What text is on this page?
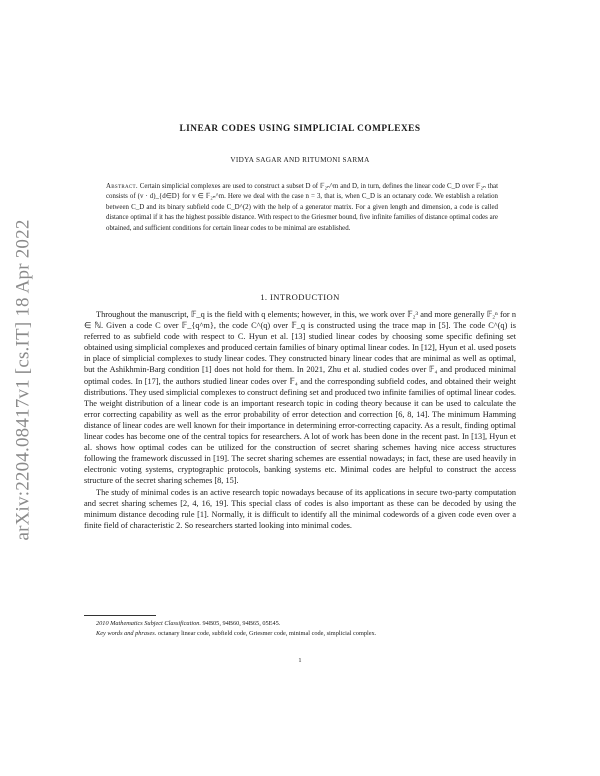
arXiv:2204.08417v1 [cs.IT] 18 Apr 2022
LINEAR CODES USING SIMPLICIAL COMPLEXES
VIDYA SAGAR AND RITUMONI SARMA
Abstract. Certain simplicial complexes are used to construct a subset D of 𝔽₂ₙ^m and D, in turn, defines the linear code C_D over 𝔽₂ₙ that consists of (v · d)_{d∈D} for v ∈ 𝔽₂ₙ^m. Here we deal with the case n = 3, that is, when C_D is an octanary code. We establish a relation between C_D and its binary subfield code C_D^(2) with the help of a generator matrix. For a given length and dimension, a code is called distance optimal if it has the highest possible distance. With respect to the Griesmer bound, five infinite families of distance optimal codes are obtained, and sufficient conditions for certain linear codes to be minimal are established.
1. INTRODUCTION

Throughout the manuscript, 𝔽_q is the field with q elements; however, in this, we work over 𝔽₂³ and more generally 𝔽₂ⁿ for n ∈ ℕ. Given a code C over 𝔽_{q^m}, the code C^(q) over 𝔽_q is constructed using the trace map in [5]. The code C^(q) is referred to as subfield code with respect to C. Hyun et al. [13] studied linear codes by choosing some specific defining set obtained using simplicial complexes and produced certain families of binary optimal linear codes. In [12], Hyun et al. used posets in place of simplicial complexes to study linear codes. They constructed binary linear codes that are minimal as well as optimal, but the Ashikhmin-Barg condition [1] does not hold for them. In 2021, Zhu et al. studied codes over 𝔽₄ and produced minimal optimal codes. In [17], the authors studied linear codes over 𝔽₄ and the corresponding subfield codes, and obtained their weight distributions. They used simplicial complexes to construct defining set and produced two infinite families of optimal linear codes. The weight distribution of a linear code is an important research topic in coding theory because it can be used to calculate the error correcting capability as well as the error probability of error detection and correction [6, 8, 14]. The minimum Hamming distance of linear codes are well known for their importance in determining error-correcting capacity. As a result, finding optimal linear codes has become one of the central topics for researchers. A lot of work has been done in the recent past. In [13], Hyun et al. shows how optimal codes can be utilized for the construction of secret sharing schemes having nice access structures following the framework discussed in [19]. The secret sharing schemes are essential nowadays; in fact, these are used heavily in electronic voting systems, cryptographic protocols, banking systems etc. Minimal codes are helpful to construct the access structure of the secret sharing schemes [8, 15].

The study of minimal codes is an active research topic nowadays because of its applications in secure two-party computation and secret sharing schemes [2, 4, 16, 19]. This special class of codes is also important as these can be decoded by using the minimum distance decoding rule [1]. Normally, it is difficult to identify all the minimal codewords of a given code even over a finite field of characteristic 2. So researchers started looking into minimal codes.

2010 Mathematics Subject Classification. 94B05, 94B60, 94B65, 05E45.

Key words and phrases. octanary linear code, subfield code, Griesmer code, minimal code, simplicial complex.

1
